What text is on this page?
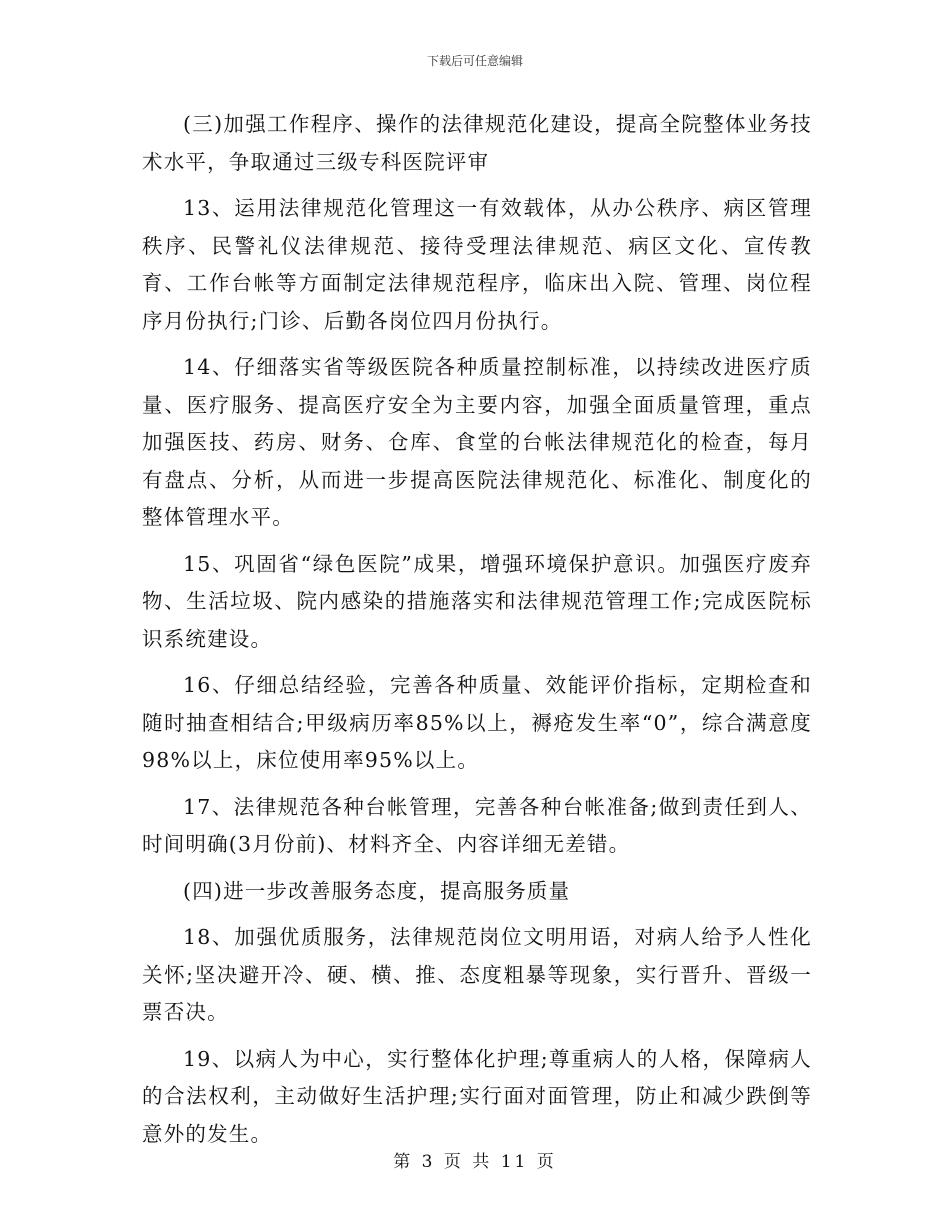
下载后可任意编辑

(三)加强工作程序、操作的法律规范化建设，提高全院整体业务技术水平，争取通过三级专科医院评审

13、运用法律规范化管理这一有效载体，从办公秩序、病区管理秩序、民警礼仪法律规范、接待受理法律规范、病区文化、宣传教育、工作台帐等方面制定法律规范程序，临床出入院、管理、岗位程序月份执行;门诊、后勤各岗位四月份执行。

14、仔细落实省等级医院各种质量控制标准，以持续改进医疗质量、医疗服务、提高医疗安全为主要内容，加强全面质量管理，重点加强医技、药房、财务、仓库、食堂的台帐法律规范化的检查，每月有盘点、分析，从而进一步提高医院法律规范化、标准化、制度化的整体管理水平。

15、巩固省“绿色医院”成果，增强环境保护意识。加强医疗废弃物、生活垃圾、院内感染的措施落实和法律规范管理工作;完成医院标识系统建设。

16、仔细总结经验，完善各种质量、效能评价指标，定期检查和随时抽查相结合;甲级病历率85%以上，褥疮发生率“0”，综合满意度98%以上，床位使用率95%以上。

17、法律规范各种台帐管理，完善各种台帐准备;做到责任到人、时间明确(3月份前)、材料齐全、内容详细无差错。

(四)进一步改善服务态度，提高服务质量

18、加强优质服务，法律规范岗位文明用语，对病人给予人性化关怀;坚决避开冷、硬、横、推、态度粗暴等现象，实行晋升、晋级一票否决。

19、以病人为中心，实行整体化护理;尊重病人的人格，保障病人的合法权利，主动做好生活护理;实行面对面管理，防止和减少跌倒等意外的发生。

第 3 页 共 11 页
